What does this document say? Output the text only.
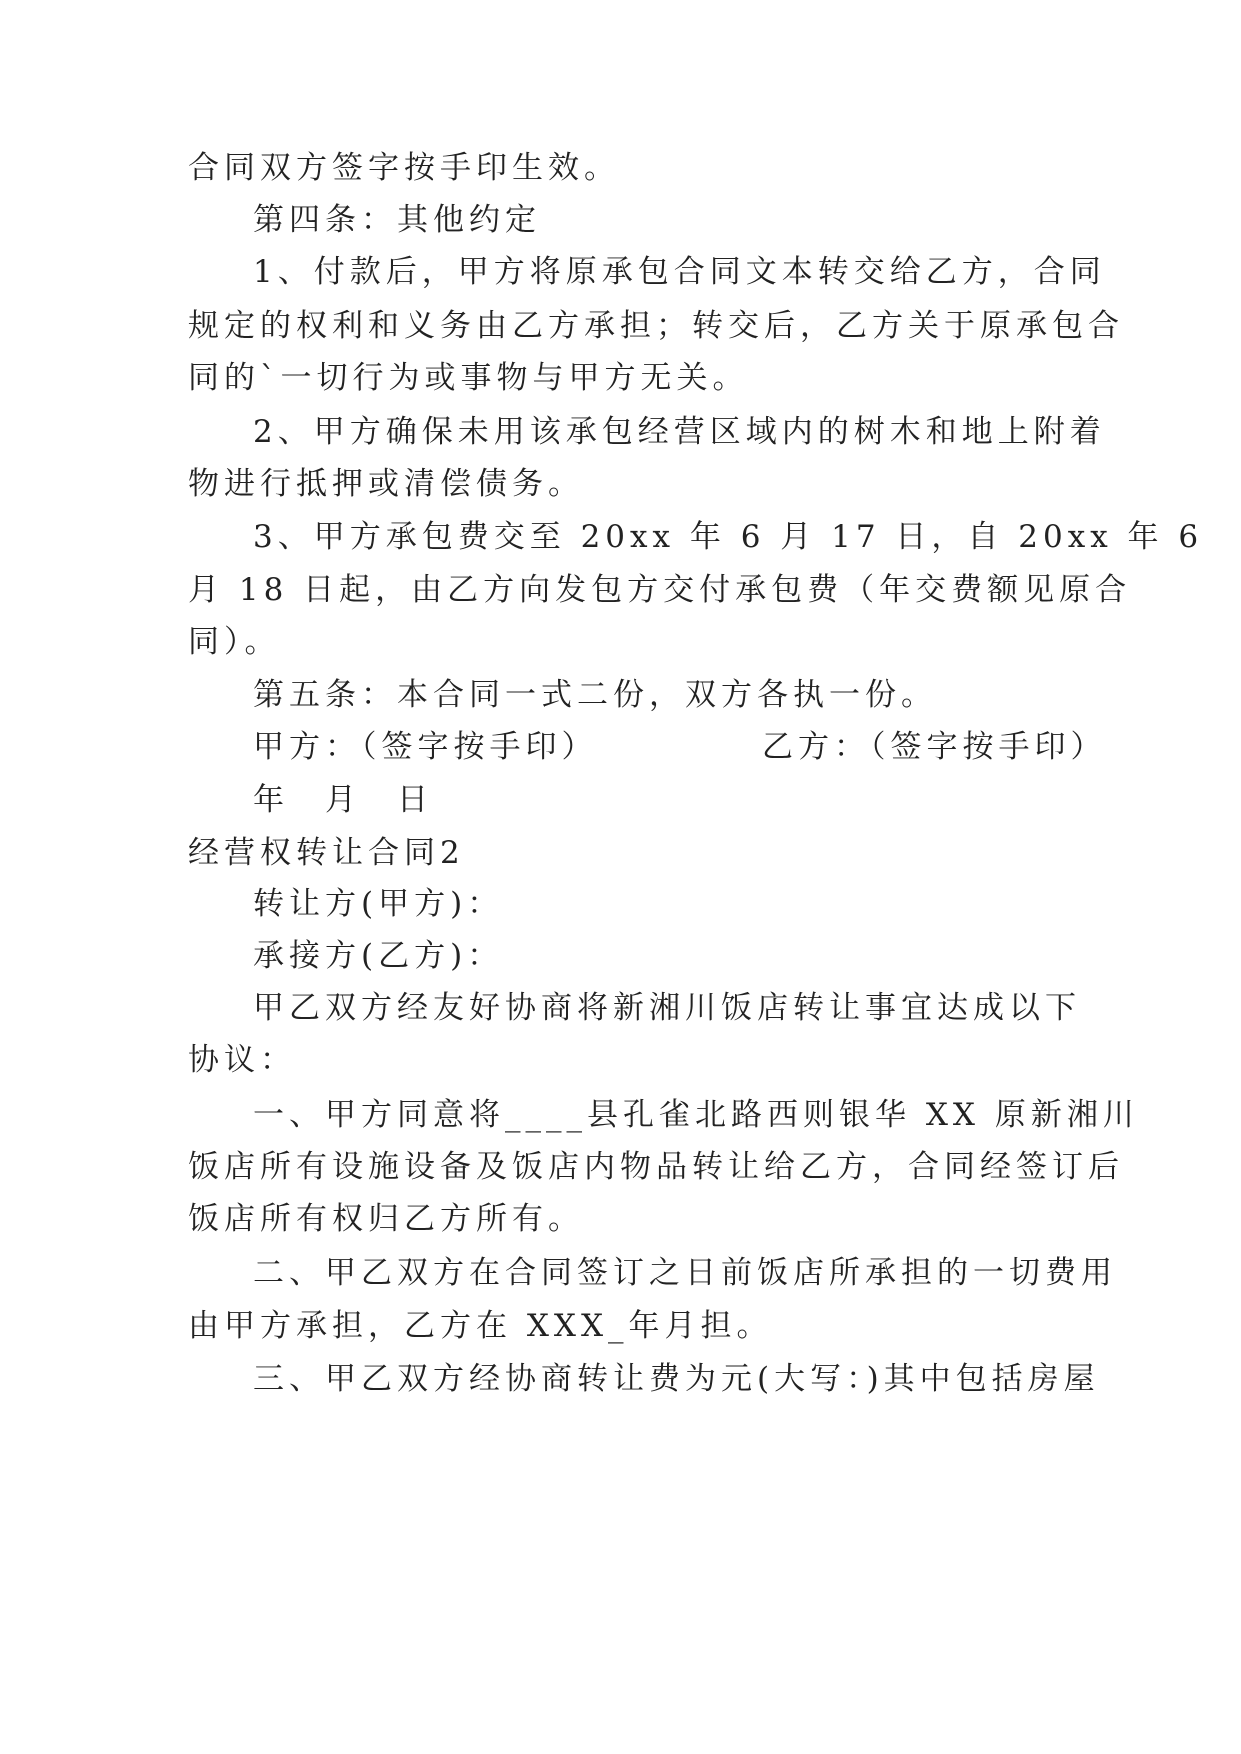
合同双方签字按手印生效。
第四条：其他约定
1、付款后，甲方将原承包合同文本转交给乙方，合同
规定的权利和义务由乙方承担；转交后，乙方关于原承包合
同的`一切行为或事物与甲方无关。
2、甲方确保未用该承包经营区域内的树木和地上附着
物进行抵押或清偿债务。
3、甲方承包费交至 20xx 年 6 月 17 日，自 20xx 年 6
月 18 日起，由乙方向发包方交付承包费（年交费额见原合
同）。
第五条：本合同一式二份，双方各执一份。
甲方：（签字按手印）	乙方：（签字按手印）
年 月 日
经营权转让合同2
转让方(甲方)：
承接方(乙方)：
甲乙双方经友好协商将新湘川饭店转让事宜达成以下
协议：
一、甲方同意将____县孔雀北路西则银华 XX 原新湘川
饭店所有设施设备及饭店内物品转让给乙方，合同经签订后
饭店所有权归乙方所有。
二、甲乙双方在合同签订之日前饭店所承担的一切费用
由甲方承担，乙方在 XXX_年月担。
三、甲乙双方经协商转让费为元(大写：)其中包括房屋
